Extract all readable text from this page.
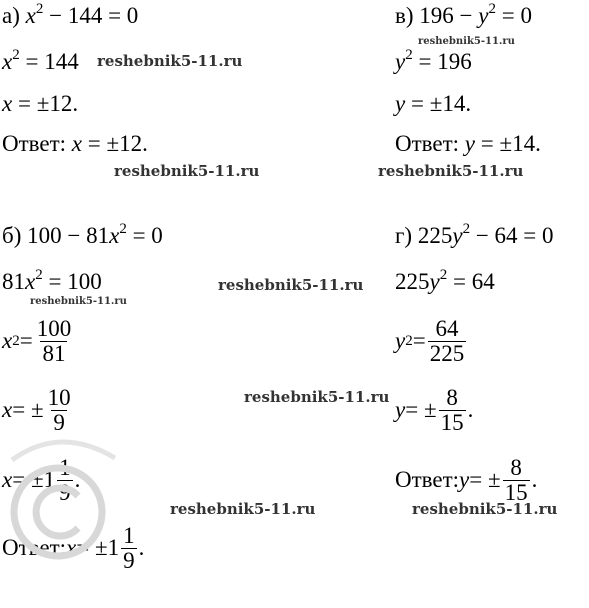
а) $x^2 - 144 = 0$
$x^2 = 144$
x = ±12.
Ответ: x = ±12.
в) $196 - y^2 = 0$
$y^2 = 196$
y = ±14.
Ответ: y = ±14.
б) $100 - 81x^2 = 0$
$81x^2 = 100$
x $2 = \frac{100}{81}$
x = ± $\frac{10}{9}$
$x = \pm 1 \frac{1}{9}$ .
Ответ: $x = \pm 1 \frac{1}{9}$ .
г) $225y^2 - 64 = 0$
$225y^2 = 64$
y $2 = \frac{64}{225}$
y = ± $\frac{8}{15}$ .
Ответ: y = ± $\frac{8}{15}$ .
reshebnik5-11.ru
reshebnik5-11.ru
reshebnik5-11.ru	reshebnik5-11.ru
reshebnik5-11.ru
reshebnik5-11.ru
reshebnik5-11.ru
reshebnik5-11.ru	reshebnik5-11.ru
